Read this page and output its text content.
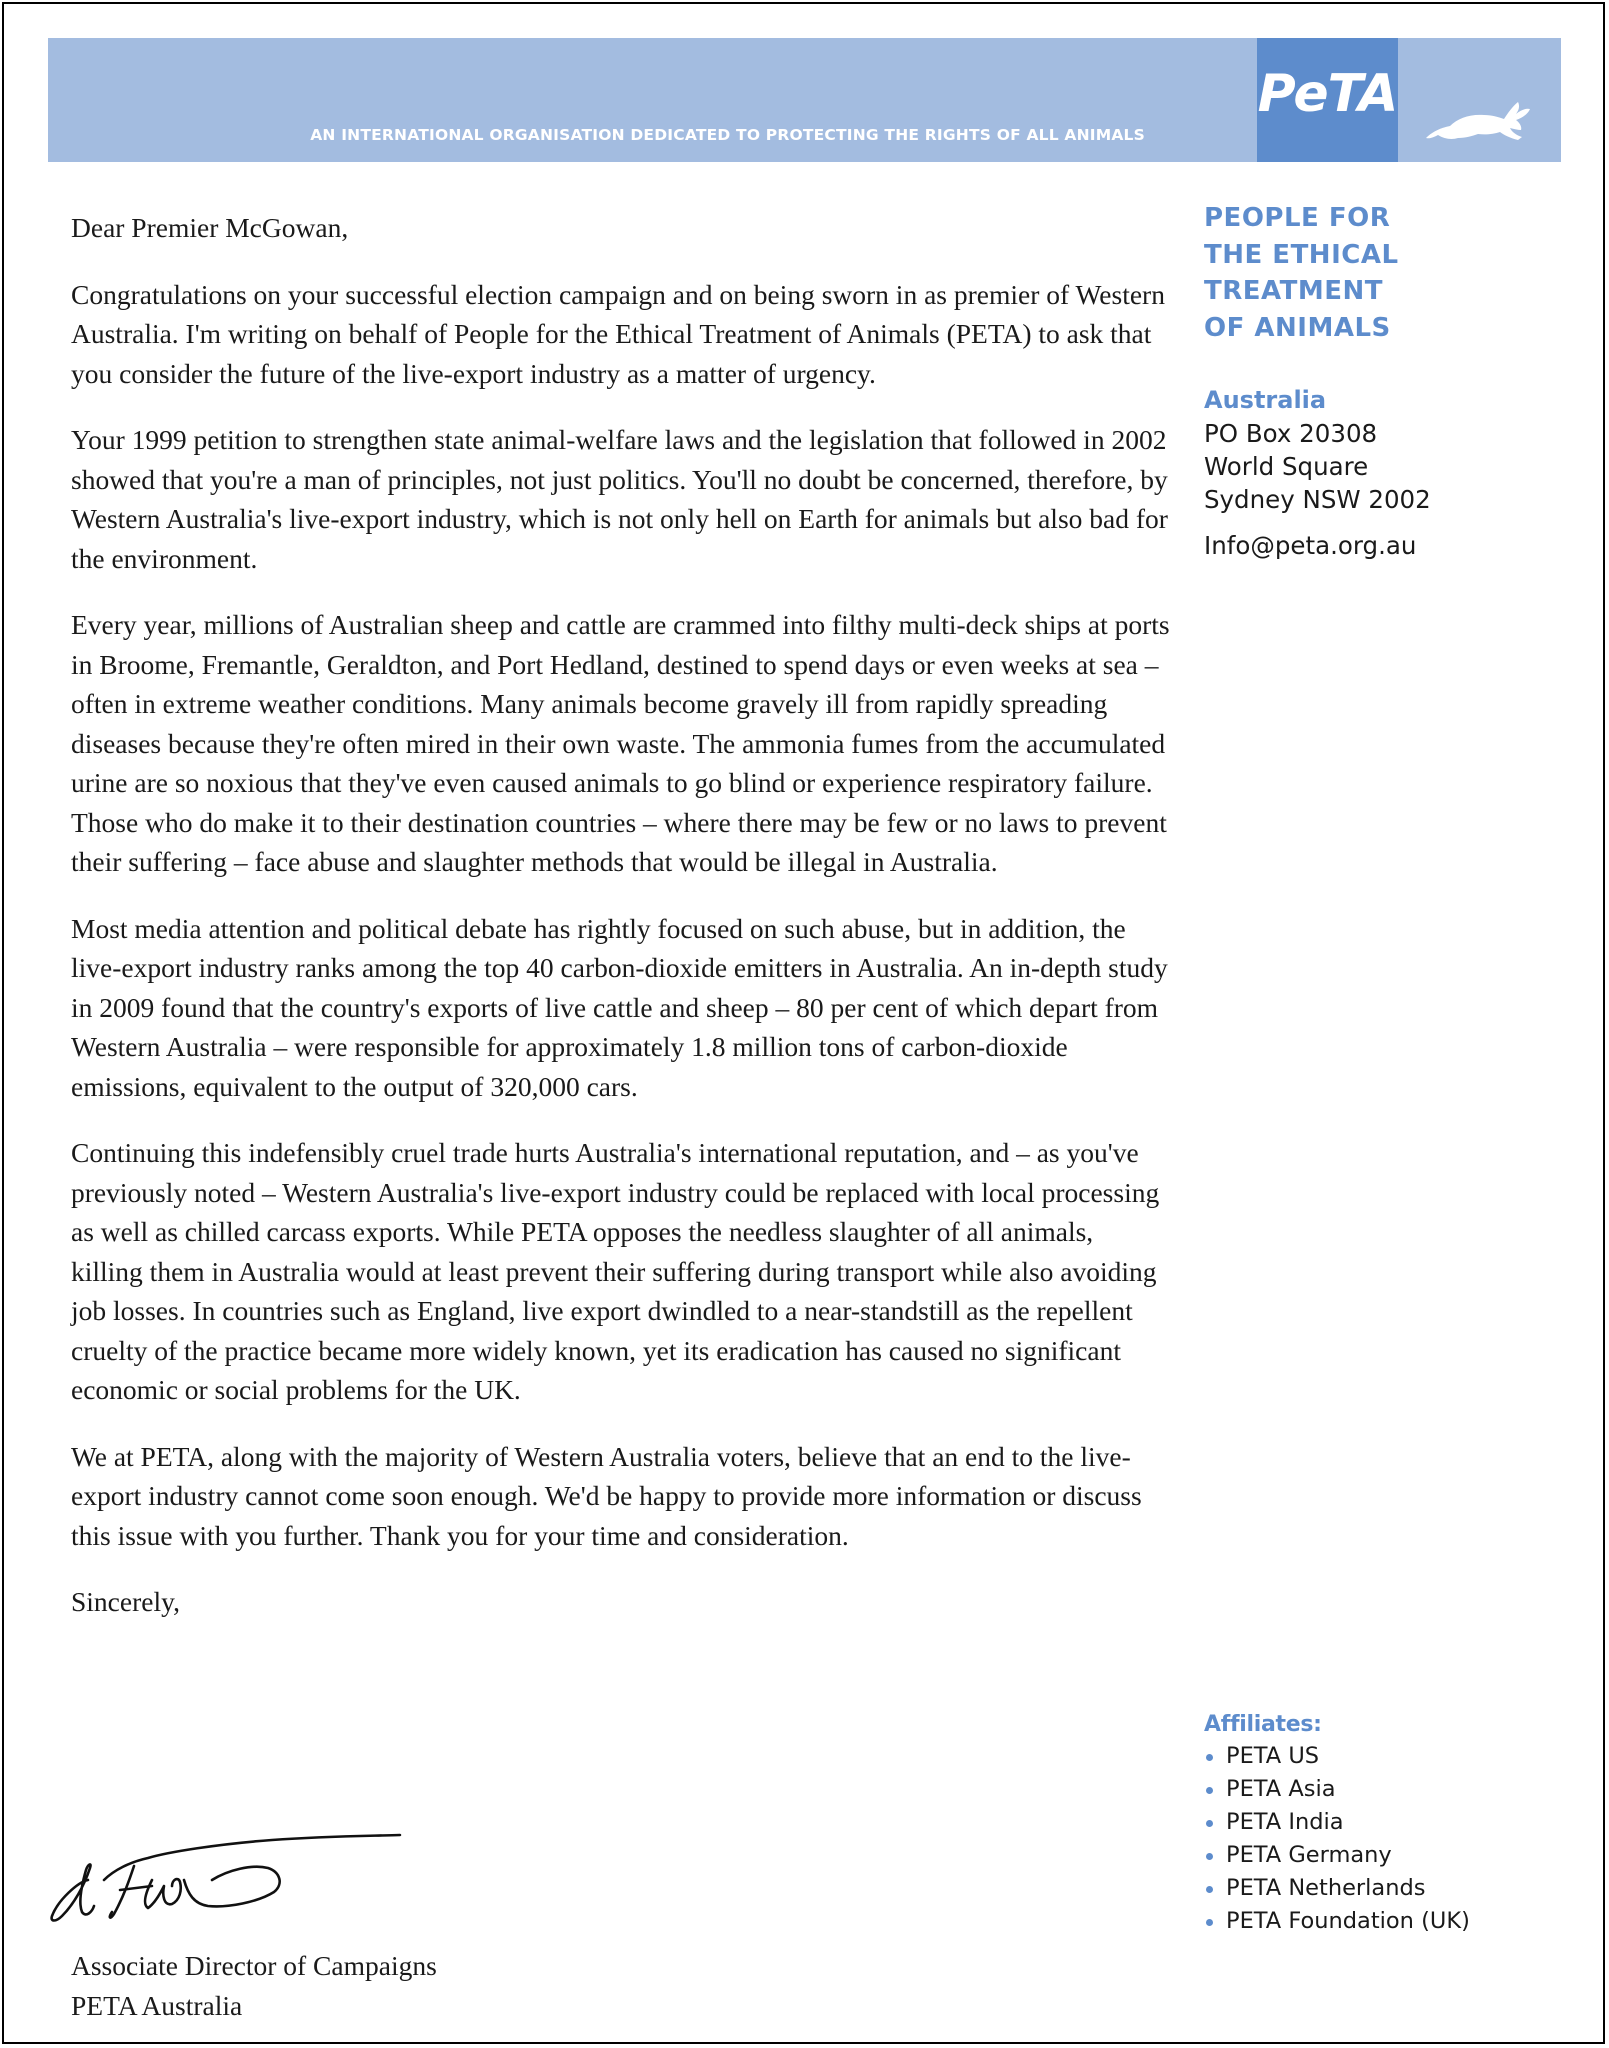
AN INTERNATIONAL ORGANISATION DEDICATED TO PROTECTING THE RIGHTS OF ALL ANIMALS
PeTA

Dear Premier McGowan,

Congratulations on your successful election campaign and on being sworn in as premier of Western Australia. I'm writing on behalf of People for the Ethical Treatment of Animals (PETA) to ask that you consider the future of the live-export industry as a matter of urgency.

Your 1999 petition to strengthen state animal-welfare laws and the legislation that followed in 2002 showed that you're a man of principles, not just politics. You'll no doubt be concerned, therefore, by Western Australia's live-export industry, which is not only hell on Earth for animals but also bad for the environment.

Every year, millions of Australian sheep and cattle are crammed into filthy multi-deck ships at ports in Broome, Fremantle, Geraldton, and Port Hedland, destined to spend days or even weeks at sea – often in extreme weather conditions. Many animals become gravely ill from rapidly spreading diseases because they're often mired in their own waste. The ammonia fumes from the accumulated urine are so noxious that they've even caused animals to go blind or experience respiratory failure. Those who do make it to their destination countries – where there may be few or no laws to prevent their suffering – face abuse and slaughter methods that would be illegal in Australia.

Most media attention and political debate has rightly focused on such abuse, but in addition, the live-export industry ranks among the top 40 carbon-dioxide emitters in Australia. An in-depth study in 2009 found that the country's exports of live cattle and sheep – 80 per cent of which depart from Western Australia – were responsible for approximately 1.8 million tons of carbon-dioxide emissions, equivalent to the output of 320,000 cars.

Continuing this indefensibly cruel trade hurts Australia's international reputation, and – as you've previously noted – Western Australia's live-export industry could be replaced with local processing as well as chilled carcass exports. While PETA opposes the needless slaughter of all animals, killing them in Australia would at least prevent their suffering during transport while also avoiding job losses. In countries such as England, live export dwindled to a near-standstill as the repellent cruelty of the practice became more widely known, yet its eradication has caused no significant economic or social problems for the UK.

We at PETA, along with the majority of Western Australia voters, believe that an end to the live-export industry cannot come soon enough. We'd be happy to provide more information or discuss this issue with you further. Thank you for your time and consideration.

Sincerely,

Associate Director of Campaigns
PETA Australia
PEOPLE FOR
THE ETHICAL
TREATMENT
OF ANIMALS
Australia
PO Box 20308
World Square
Sydney NSW 2002
Info@peta.org.au
Affiliates:
PETA US
PETA Asia
PETA India
PETA Germany
PETA Netherlands
PETA Foundation (UK)
